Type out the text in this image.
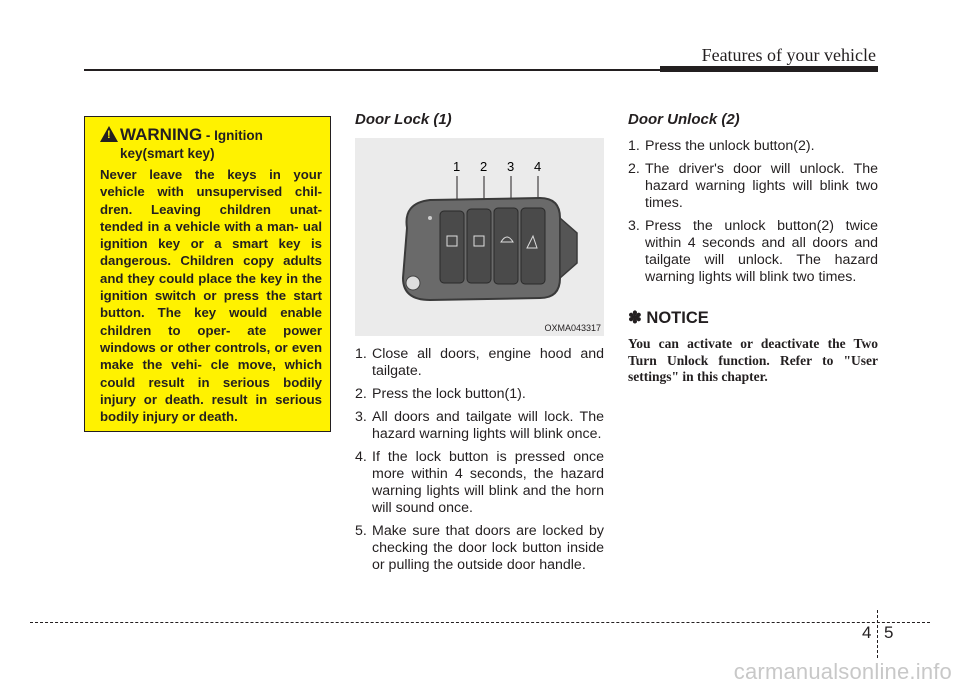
Features of your vehicle
!
WARNING - Ignition
key(smart key)
Never leave the keys in your vehicle with unsupervised chil- dren. Leaving children unat- tended in a vehicle with a man- ual ignition key or a smart key is dangerous. Children copy adults and they could place the key in the ignition switch or press the start button. The key would enable children to oper- ate power windows or other controls, or even make the vehi- cle move, which could result in serious bodily injury or death. result in serious bodily injury or death.
Door Lock (1)
1 2 3 4
OXMA043317
1. Close all doors, engine hood and tailgate.
2. Press the lock button(1).
3. All doors and tailgate will lock. The hazard warning lights will blink once.
4. If the lock button is pressed once more within 4 seconds, the hazard warning lights will blink and the horn will sound once.
5. Make sure that doors are locked by checking the door lock button inside or pulling the outside door handle.
Door Unlock (2)
1. Press the unlock button(2).
2. The driver's door will unlock. The hazard warning lights will blink two times.
3. Press the unlock button(2) twice within 4 seconds and all doors and tailgate will unlock. The hazard warning lights will blink two times.
✽ NOTICE
You can activate or deactivate the Two Turn Unlock function. Refer to "User settings" in this chapter.
4 5
carmanualsonline.info
